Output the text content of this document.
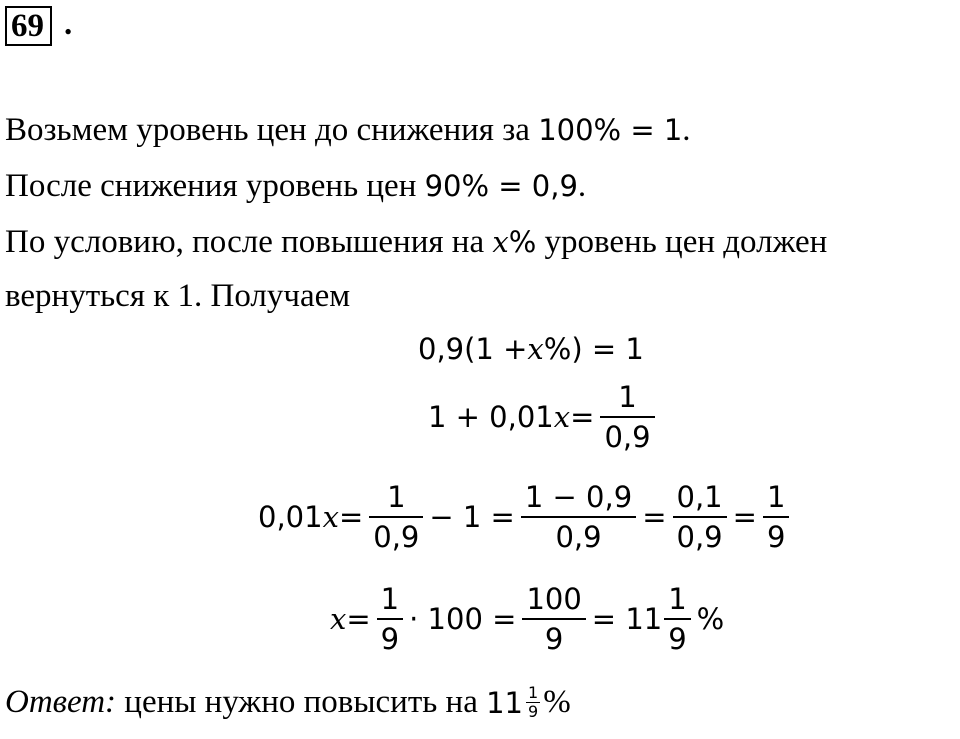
69 .
Возьмем уровень цен до снижения за 100% = 1.
После снижения уровень цен 90% = 0,9.
По условию, после повышения на x% уровень цен должен
вернуться к 1. Получаем
0,9(1 + x %) = 1
1 + 0,01 $x = \frac{1}{0,9}$
0,01 $x = \frac{1}{0,9} - 1 = \frac{1 - 0,9}{0,9} = \frac{0,1}{0,9} = \frac{1}{9}$
$x = \frac{1}{9} \cdot 100 = \frac{100}{9} = 11 \frac{1}{9}$ %
Ответ: цены нужно повысить на 11 1
9 %
